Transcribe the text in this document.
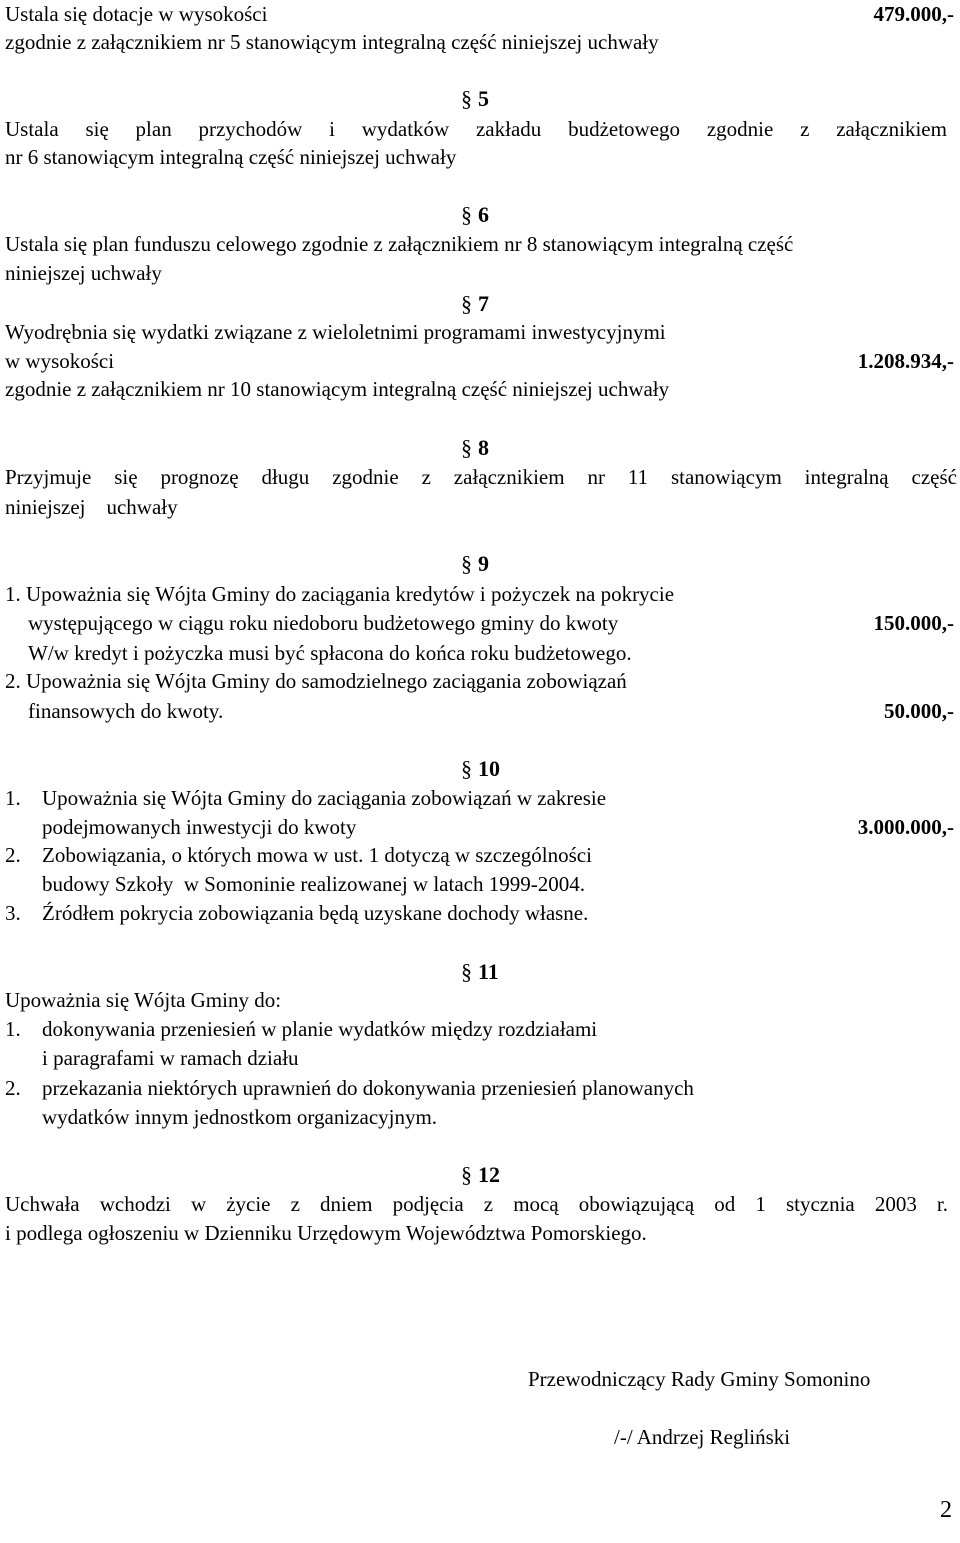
Ustala się dotacje w wysokości	479.000,-
zgodnie z załącznikiem nr 5 stanowiącym integralną część niniejszej uchwały
§ 5
Ustala się plan przychodów i wydatków zakładu budżetowego zgodnie z załącznikiem
nr 6 stanowiącym integralną część niniejszej uchwały
§ 6
Ustala się plan funduszu celowego zgodnie z załącznikiem nr 8 stanowiącym integralną część
niniejszej uchwały
§ 7
Wyodrębnia się wydatki związane z wieloletnimi programami inwestycyjnymi
w wysokości	1.208.934,-
zgodnie z załącznikiem nr 10 stanowiącym integralną część niniejszej uchwały
§ 8
Przyjmuje się prognozę długu zgodnie z załącznikiem nr 11 stanowiącym integralną część
niniejszej    uchwały
§ 9
1. Upoważnia się Wójta Gminy do zaciągania kredytów i pożyczek na pokrycie
występującego w ciągu roku niedoboru budżetowego gminy do kwoty	150.000,-
W/w kredyt i pożyczka musi być spłacona do końca roku budżetowego.
2. Upoważnia się Wójta Gminy do samodzielnego zaciągania zobowiązań
finansowych do kwoty.	50.000,-
§ 10
1. Upoważnia się Wójta Gminy do zaciągania zobowiązań w zakresie
podejmowanych inwestycji do kwoty	3.000.000,-
2. Zobowiązania, o których mowa w ust. 1 dotyczą w szczególności
budowy Szkoły  w Somoninie realizowanej w latach 1999-2004.
3. Źródłem pokrycia zobowiązania będą uzyskane dochody własne.
§ 11
Upoważnia się Wójta Gminy do:
1. dokonywania przeniesień w planie wydatków między rozdziałami
i paragrafami w ramach działu
2. przekazania niektórych uprawnień do dokonywania przeniesień planowanych
wydatków innym jednostkom organizacyjnym.
§ 12
Uchwała wchodzi w życie z dniem podjęcia z mocą obowiązującą od 1 stycznia 2003 r.
i podlega ogłoszeniu w Dzienniku Urzędowym Województwa Pomorskiego.
Przewodniczący Rady Gminy Somonino
/-/ Andrzej Regliński
2
